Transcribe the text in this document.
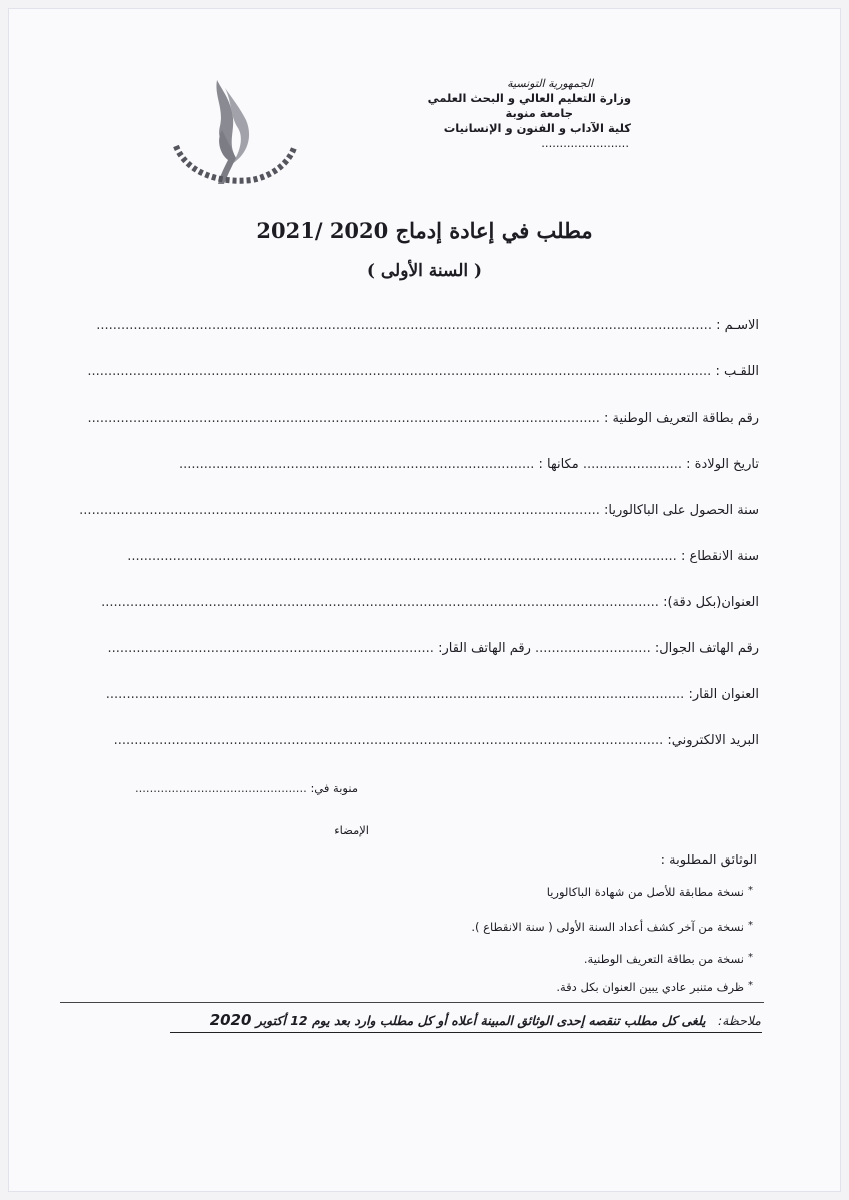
الجمهورية التونسية
وزارة التعليم العالي و البحث العلمي
جامعة منوبة
كلية الآداب و الفنون و الإنسانيات
........................
مطلب في إعادة إدماج 2020 /2021
( السنة الأولى )
الاسـم : .....................................................................................................................................................
اللقـب : .......................................................................................................................................................
رقم بطاقة التعريف الوطنية : ............................................................................................................................
تاريخ الولادة : ........................ مكانها : ......................................................................................
سنة الحصول على الباكالوريا: ..............................................................................................................................
سنة الانقطاع : .....................................................................................................................................
العنوان(بكل دقة): .......................................................................................................................................
رقم الهاتف الجوال: ............................ رقم الهاتف القار: ...............................................................................
العنوان القار: ............................................................................................................................................
البريد الالكتروني: .....................................................................................................................................
منوبة في: ...............................................
الإمضاء
الوثائق المطلوبة :
*نسخة مطابقة للأصل من شهادة الباكالوريا
*نسخة من آخر كشف أعداد السنة الأولى ( سنة الانقطاع ).
*نسخة من بطاقة التعريف الوطنية.
*ظرف متنبر عادي يبين العنوان بكل دقة.
ملاحظة: يلغى كل مطلب تنقصه إحدى الوثائق المبينة أعلاه أو كل مطلب وارد بعد يوم 12 أكتوبر 2020
